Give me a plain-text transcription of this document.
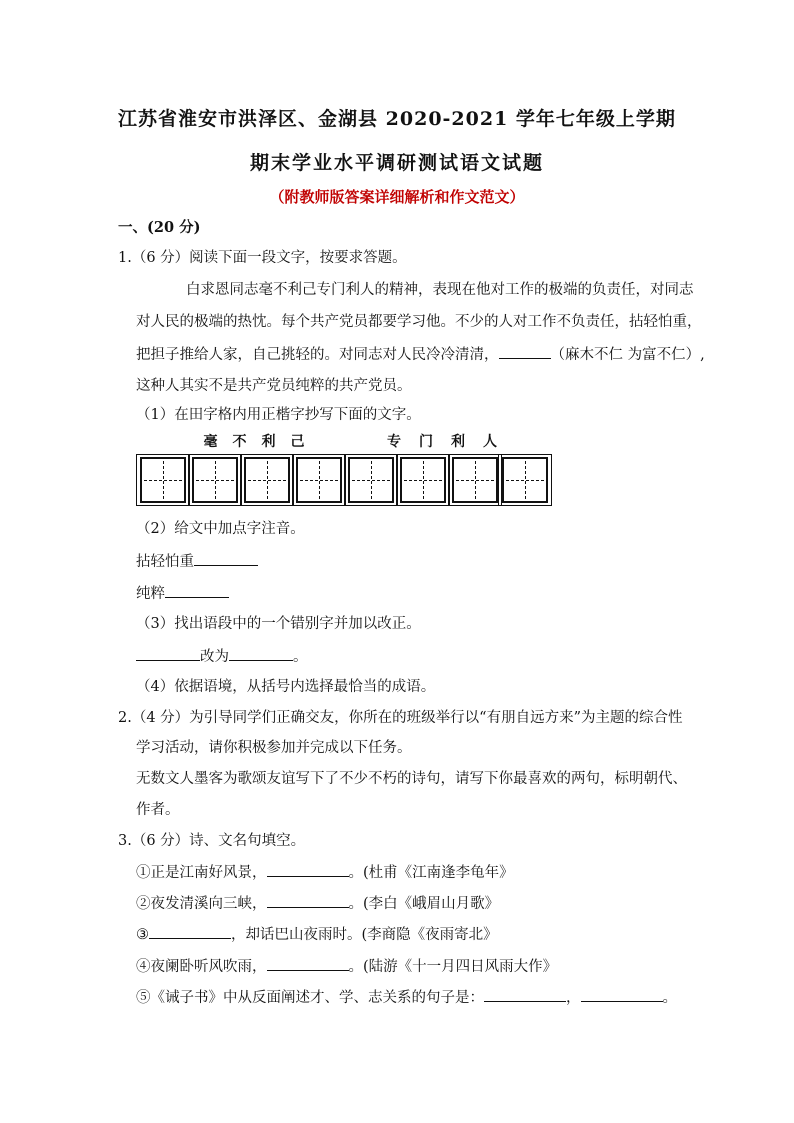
江苏省淮安市洪泽区、金湖县 2020-2021 学年七年级上学期
期末学业水平调研测试语文试题
（附教师版答案详细解析和作文范文）
一、(20 分)
1.（6 分）阅读下面一段文字，按要求答题。
白求恩同志毫不利己专门利人的精神，表现在他对工作的极端的负责任，对同志
对人民的极端的热忱。每个共产党员都要学习他。不少的人对工作不负责任，拈轻怕重，
把担子推给人家，自己挑轻的。对同志对人民冷冷清清，	（麻木不仁 为富不仁）,
这种人其实不是共产党员纯粹的共产党员。
（1）在田字格内用正楷字抄写下面的文字。
毫 不 利 己	专 门 利 人
（2）给文中加点字注音。
拈轻怕重
纯粹
（3）找出语段中的一个错别字并加以改正。
改为	。
（4）依据语境，从括号内选择最恰当的成语。
2.（4 分）为引导同学们正确交友，你所在的班级举行以“有朋自远方来”为主题的综合性
学习活动，请你积极参加并完成以下任务。
无数文人墨客为歌颂友谊写下了不少不朽的诗句，请写下你最喜欢的两句，标明朝代、
作者。
3.（6 分）诗、文名句填空。
①正是江南好风景，	。(杜甫《江南逢李龟年》
②夜发清溪向三峡，	。(李白《峨眉山月歌》
③	，却话巴山夜雨时。(李商隐《夜雨寄北》
④夜阑卧听风吹雨，	。(陆游《十一月四日风雨大作》
⑤《诫子书》中从反面阐述才、学、志关系的句子是：	，	。
